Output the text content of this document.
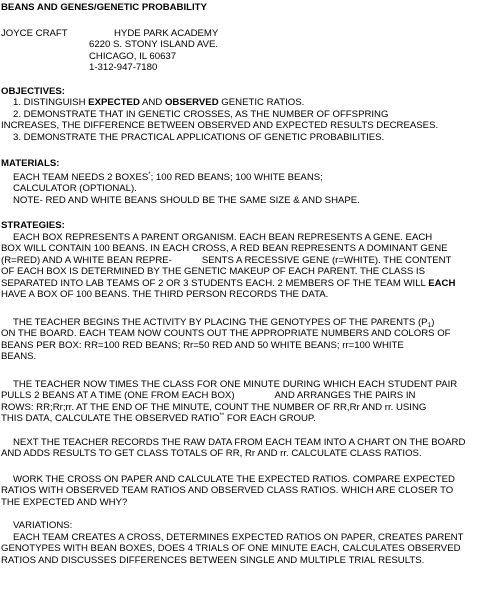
BEANS AND GENES/GENETIC PROBABILITY

JOYCE CRAFT	HYDE PARK ACADEMY

6220 S. STONY ISLAND AVE.

CHICAGO, IL 60637

1-312-947-7180

OBJECTIVES:

1. DISTINGUISH EXPECTED AND OBSERVED GENETIC RATIOS.

2. DEMONSTRATE THAT IN GENETIC CROSSES, AS THE NUMBER OF OFFSPRING

INCREASES, THE DIFFERENCE BETWEEN OBSERVED AND EXPECTED RESULTS DECREASES.

3. DEMONSTRATE THE PRACTICAL APPLICATIONS OF GENETIC PROBABILITIES.

MATERIALS:

EACH TEAM NEEDS 2 BOXES*; 100 RED BEANS; 100 WHITE BEANS;

CALCULATOR (OPTIONAL).

NOTE- RED AND WHITE BEANS SHOULD BE THE SAME SIZE & AND SHAPE.

STRATEGIES:

EACH BOX REPRESENTS A PARENT ORGANISM. EACH BEAN REPRESENTS A GENE. EACH

BOX WILL CONTAIN 100 BEANS. IN EACH CROSS, A RED BEAN REPRESENTS A DOMINANT GENE

(R=RED) AND A WHITE BEAN REPRE-	SENTS A RECESSIVE GENE (r=WHITE). THE CONTENT

OF EACH BOX IS DETERMINED BY THE GENETIC MAKEUP OF EACH PARENT. THE CLASS IS

SEPARATED INTO LAB TEAMS OF 2 OR 3 STUDENTS EACH. 2 MEMBERS OF THE TEAM WILL EACH

HAVE A BOX OF 100 BEANS. THE THIRD PERSON RECORDS THE DATA.

THE TEACHER BEGINS THE ACTIVITY BY PLACING THE GENOTYPES OF THE PARENTS $(P_1)$

ON THE BOARD. EACH TEAM NOW COUNTS OUT THE APPROPRIATE NUMBERS AND COLORS OF

BEANS PER BOX: RR=100 RED BEANS; Rr=50 RED AND 50 WHITE BEANS; rr=100 WHITE

BEANS.

THE TEACHER NOW TIMES THE CLASS FOR ONE MINUTE DURING WHICH EACH STUDENT PAIR

PULLS 2 BEANS AT A TIME (ONE FROM EACH BOX)	AND ARRANGES THE PAIRS IN

ROWS: RR;Rr;rr. AT THE END OF THE MINUTE, COUNT THE NUMBER OF RR,Rr AND rr. USING

THIS DATA, CALCULATE THE OBSERVED RATIO** FOR EACH GROUP.

NEXT THE TEACHER RECORDS THE RAW DATA FROM EACH TEAM INTO A CHART ON THE BOARD

AND ADDS RESULTS TO GET CLASS TOTALS OF RR, Rr AND rr. CALCULATE CLASS RATIOS.

WORK THE CROSS ON PAPER AND CALCULATE THE EXPECTED RATIOS. COMPARE EXPECTED

RATIOS WITH OBSERVED TEAM RATIOS AND OBSERVED CLASS RATIOS. WHICH ARE CLOSER TO

THE EXPECTED AND WHY?

VARIATIONS:

EACH TEAM CREATES A CROSS, DETERMINES EXPECTED RATIOS ON PAPER, CREATES PARENT

GENOTYPES WITH BEAN BOXES, DOES 4 TRIALS OF ONE MINUTE EACH, CALCULATES OBSERVED

RATIOS AND DISCUSSES DIFFERENCES BETWEEN SINGLE AND MULTIPLE TRIAL RESULTS.
